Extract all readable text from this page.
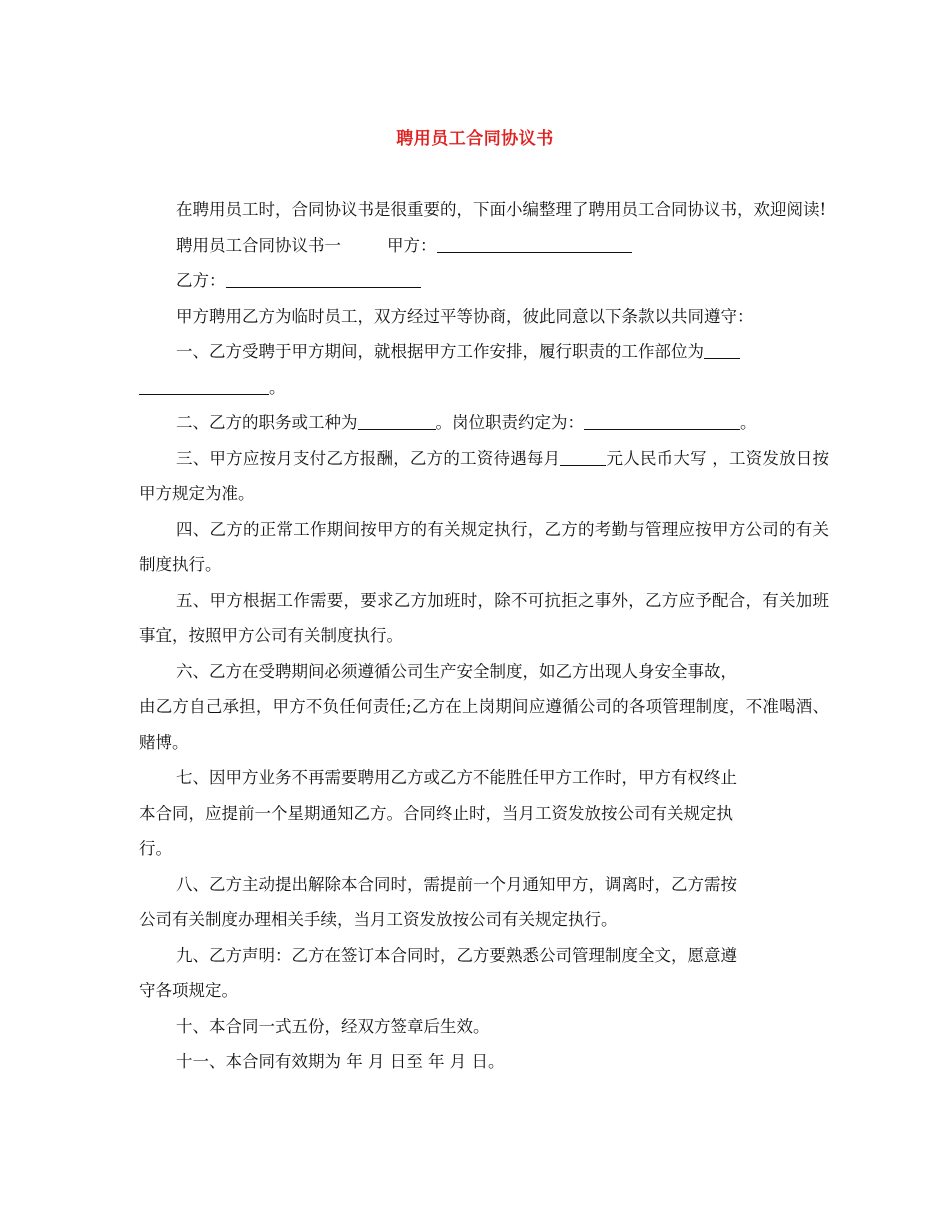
聘用员工合同协议书

在聘用员工时，合同协议书是很重要的，下面小编整理了聘用员工合同协议书，欢迎阅读!

聘用员工合同协议书一	甲方：

乙方：

甲方聘用乙方为临时员工，双方经过平等协商，彼此同意以下条款以共同遵守：

一、乙方受聘于甲方期间，就根据甲方工作安排，履行职责的工作部位为
。

二、乙方的职务或工种为	。岗位职责约定为：	。

三、甲方应按月支付乙方报酬，乙方的工资待遇每月	元人民币大写 ，工资发放日按甲方规定为准。

四、乙方的正常工作期间按甲方的有关规定执行，乙方的考勤与管理应按甲方公司的有关制度执行。

五、甲方根据工作需要，要求乙方加班时，除不可抗拒之事外，乙方应予配合，有关加班事宜，按照甲方公司有关制度执行。

六、乙方在受聘期间必须遵循公司生产安全制度，如乙方出现人身安全事故，
由乙方自己承担，甲方不负任何责任;乙方在上岗期间应遵循公司的各项管理制度，不准喝酒、赌博。

七、因甲方业务不再需要聘用乙方或乙方不能胜任甲方工作时，甲方有权终止
本合同，应提前一个星期通知乙方。合同终止时，当月工资发放按公司有关规定执
行。

八、乙方主动提出解除本合同时，需提前一个月通知甲方，调离时，乙方需按
公司有关制度办理相关手续，当月工资发放按公司有关规定执行。

九、乙方声明：乙方在签订本合同时，乙方要熟悉公司管理制度全文，愿意遵
守各项规定。

十、本合同一式五份，经双方签章后生效。

十一、本合同有效期为 年 月 日至 年 月 日。
